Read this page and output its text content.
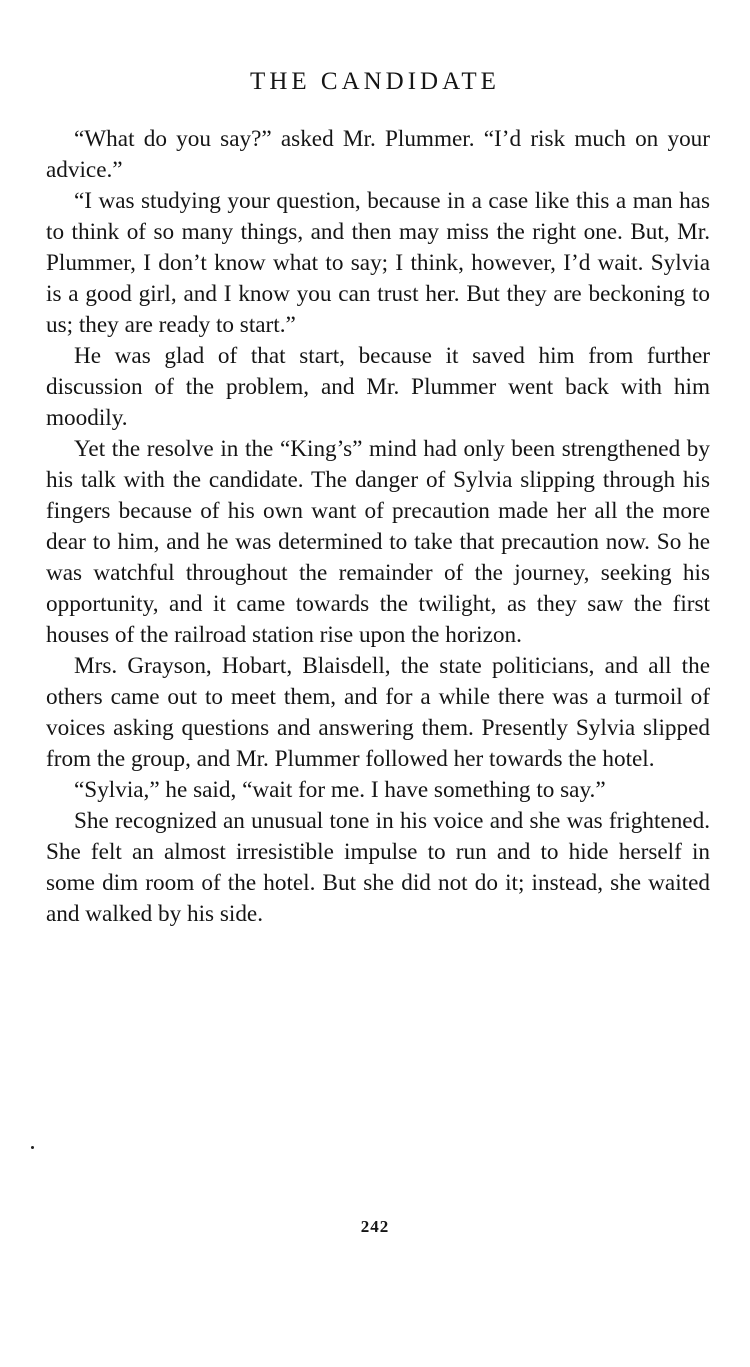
THE CANDIDATE

“What do you say?” asked Mr. Plummer. “I’d risk much on your advice.”

“I was studying your question, because in a case like this a man has to think of so many things, and then may miss the right one. But, Mr. Plummer, I don’t know what to say; I think, however, I’d wait. Sylvia is a good girl, and I know you can trust her. But they are beckoning to us; they are ready to start.”

He was glad of that start, because it saved him from further discussion of the problem, and Mr. Plummer went back with him moodily.

Yet the resolve in the “King’s” mind had only been strengthened by his talk with the candidate. The danger of Sylvia slipping through his fingers because of his own want of precaution made her all the more dear to him, and he was determined to take that precaution now. So he was watchful throughout the remainder of the journey, seeking his opportunity, and it came towards the twilight, as they saw the first houses of the railroad station rise upon the horizon.

Mrs. Grayson, Hobart, Blaisdell, the state politicians, and all the others came out to meet them, and for a while there was a turmoil of voices asking questions and answering them. Presently Sylvia slipped from the group, and Mr. Plummer followed her towards the hotel.

“Sylvia,” he said, “wait for me. I have something to say.”

She recognized an unusual tone in his voice and she was frightened. She felt an almost irresistible impulse to run and to hide herself in some dim room of the hotel. But she did not do it; instead, she waited and walked by his side.

242
